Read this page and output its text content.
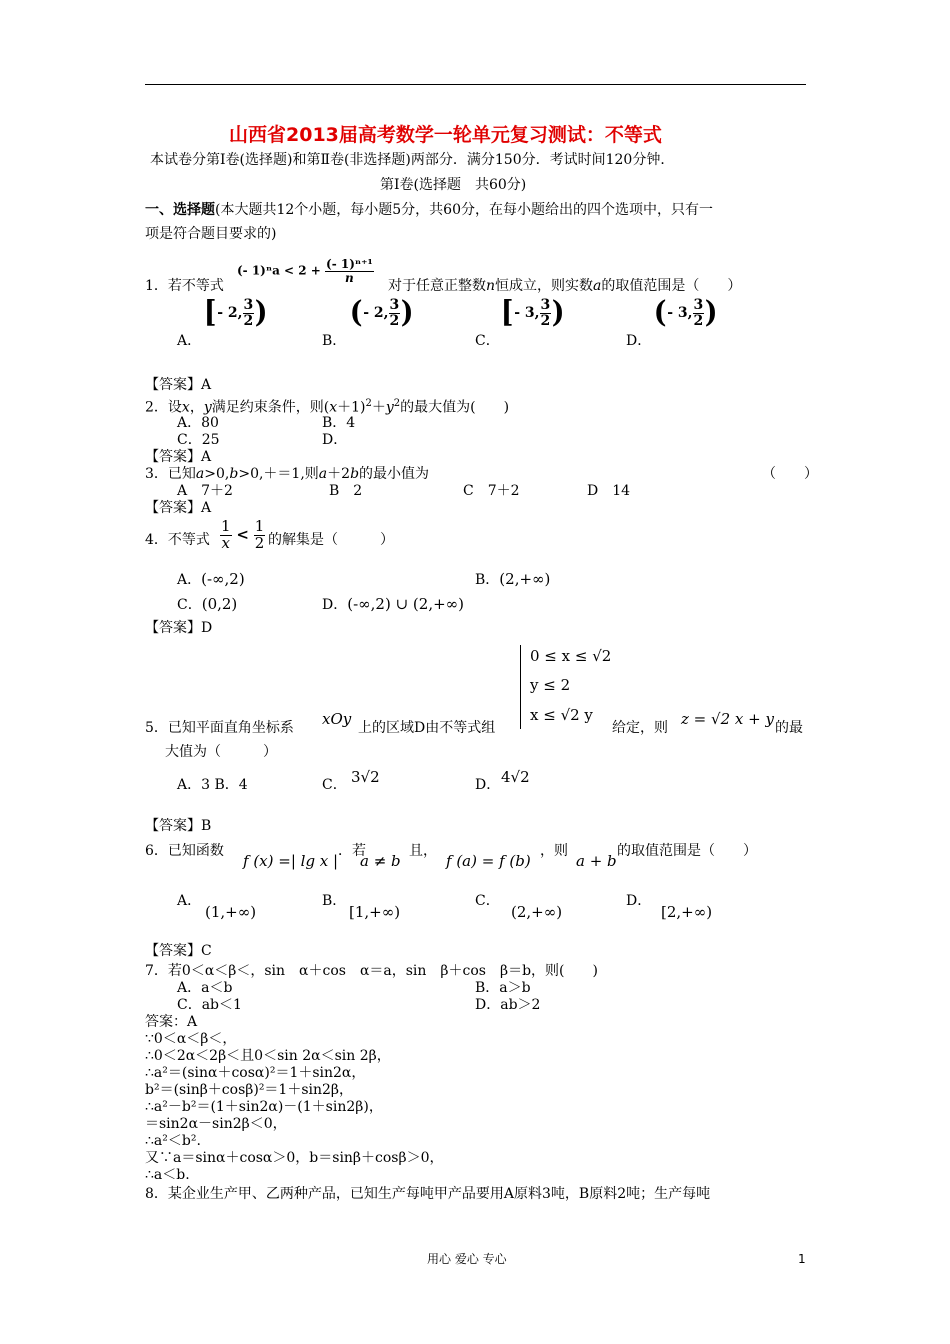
山西省2013届高考数学一轮单元复习测试：不等式
本试卷分第Ⅰ卷(选择题)和第Ⅱ卷(非选择题)两部分．满分150分．考试时间120分钟．
第Ⅰ卷(选择题　共60分)
一、选择题(本大题共12个小题，每小题5分，共60分，在每小题给出的四个选项中，只有一
项是符合题目要求的)
1．若不等式
(- $1)^na < 2 + \frac{\text{(- 1)ⁿ⁺¹}}{n}$
对于任意正整数n恒成立，则实数a的取值范围是（　　）
A．
[- 2, $\frac{3}{2}$ )
B．
(- 2, $\frac{3}{2}$ )
C．
[- 3, $\frac{3}{2}$ )
D．
(- 3, $\frac{3}{2}$ )
【答案】A
2．设x，y满足约束条件，则$(x+1)^2+y^2$的最大值为(　　)
A．80	B．4
C．25	D．
【答案】A
3．已知a>0,b>0,＋＝1,则a＋2b的最小值为	（　　）
A　7＋2	B　2	C　7＋2	D　14
【答案】A
4．不等式 $\frac{1}{x} < \frac{1}{2}$ 的解集是（　　　）
A．(-∞,2)	B．(2,+∞)
C．(0,2)	D．(-∞,2) ∪ (2,+∞)
【答案】D
0 ≤ x ≤ √2
y ≤ 2
x ≤ √2 y
5．已知平面直角坐标系 xOy 上的区域D由不等式组	给定，则 z = √2 x + y 的最
大值为（　　　）
A．3 B．4	C． 3√2	D． 4√2
【答案】B
6．已知函数
f (x) =| lg x |
．若
a ≠ b
且，
f (a) = f (b)
，则
a + b
的取值范围是（　　）
A．
(1,+∞)
B．
[1,+∞)
C．
(2,+∞)
D．
[2,+∞)
【答案】C
7．若0＜α＜β＜，sin　α＋cos　α＝a，sin　β＋cos　β＝b，则(　　)
A．a＜b	B．a＞b
C．ab＜1	D．ab＞2
答案：A
∵0＜α＜β＜，
∴0＜2α＜2β＜且0＜sin 2α＜sin 2β，
∴a²＝(sinα＋cosα)²＝1＋sin2α，
b²＝(sinβ＋cosβ)²＝1＋sin2β，
∴a²－b²＝(1＋sin2α)－(1＋sin2β)，
＝sin2α－sin2β＜0，
∴a²＜b².
又∵a＝sinα＋cosα＞0，b＝sinβ＋cosβ＞0，
∴a＜b.
8．某企业生产甲、乙两种产品，已知生产每吨甲产品要用A原料3吨，B原料2吨；生产每吨
用心 爱心 专心	1
